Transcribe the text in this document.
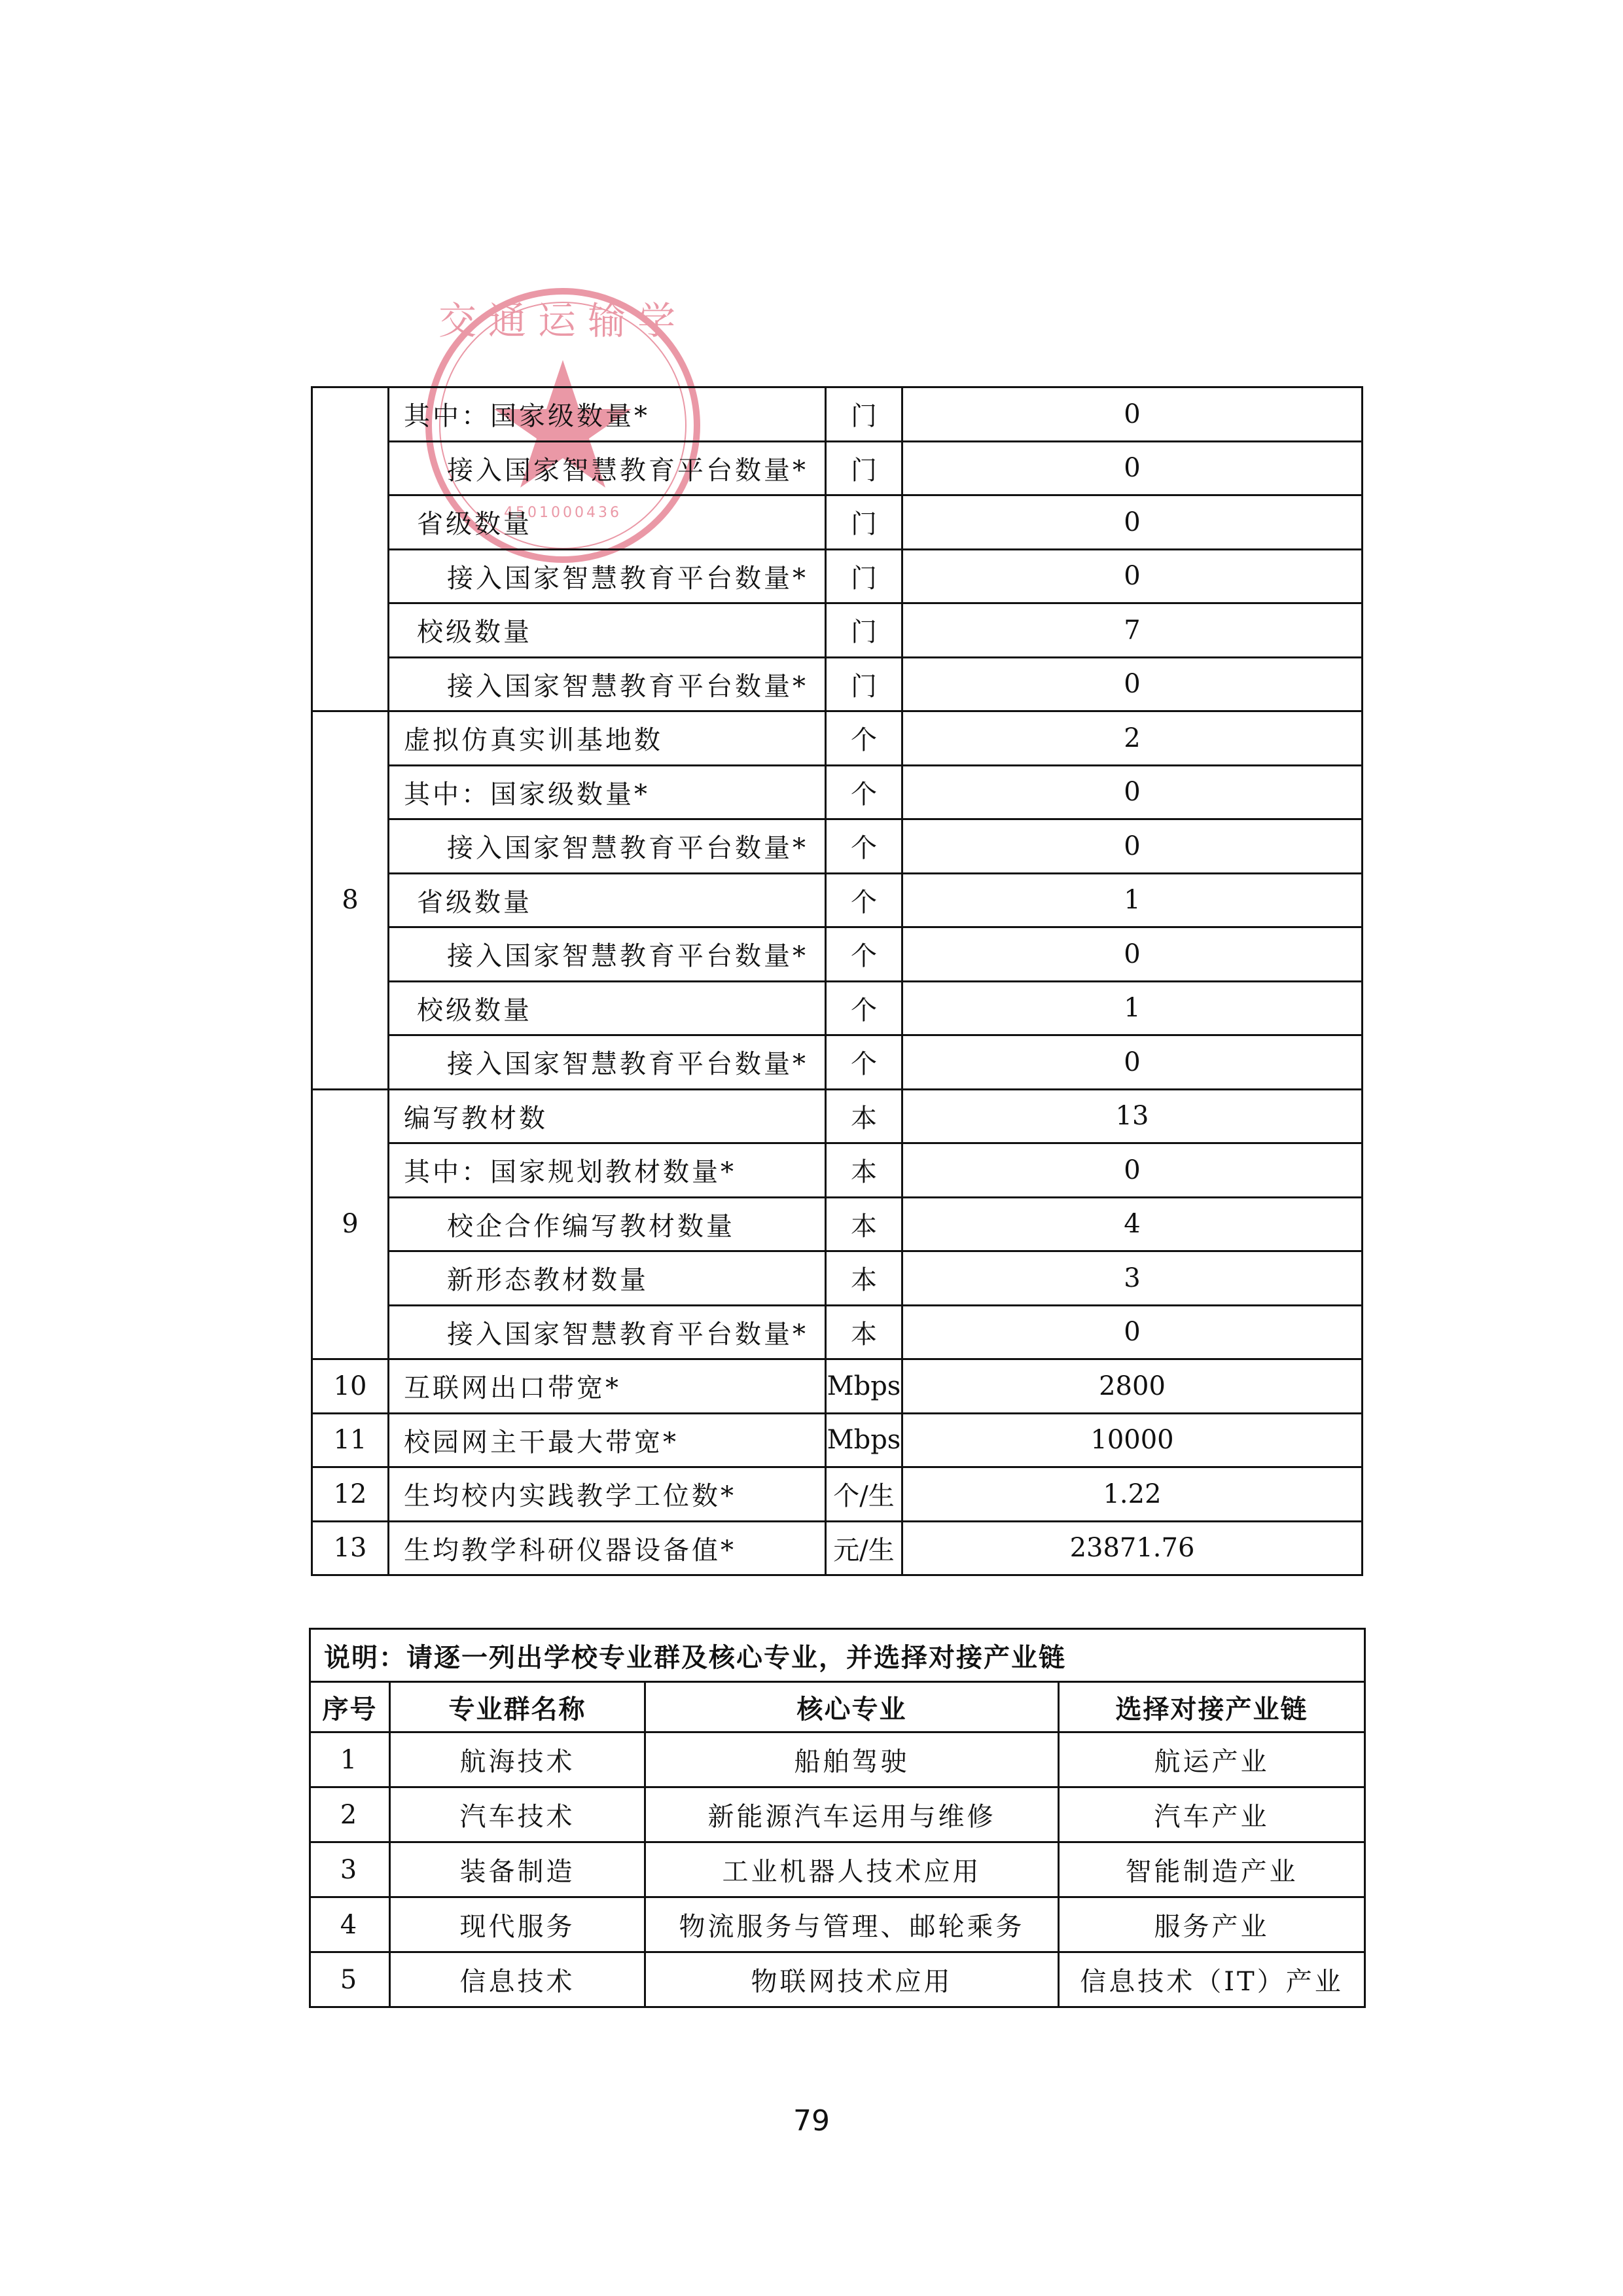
交通运输学
4501000436
	其中：国家级数量*	门	0
	接入国家智慧教育平台数量*	门	0
	省级数量	门	0
	接入国家智慧教育平台数量*	门	0
	校级数量	门	7
	接入国家智慧教育平台数量*	门	0
8	虚拟仿真实训基地数	个	2
	其中：国家级数量*	个	0
	接入国家智慧教育平台数量*	个	0
	省级数量	个	1
	接入国家智慧教育平台数量*	个	0
	校级数量	个	1
	接入国家智慧教育平台数量*	个	0
9	编写教材数	本	13
	其中：国家规划教材数量*	本	0
	校企合作编写教材数量	本	4
	新形态教材数量	本	3
	接入国家智慧教育平台数量*	本	0
10	互联网出口带宽*	Mbps	2800
11	校园网主干最大带宽*	Mbps	10000
12	生均校内实践教学工位数*	个/生	1.22
13	生均教学科研仪器设备值*	元/生	23871.76
说明：请逐一列出学校专业群及核心专业，并选择对接产业链			
序号	专业群名称	核心专业	选择对接产业链
1	航海技术	船舶驾驶	航运产业
2	汽车技术	新能源汽车运用与维修	汽车产业
3	装备制造	工业机器人技术应用	智能制造产业
4	现代服务	物流服务与管理、邮轮乘务	服务产业
5	信息技术	物联网技术应用	信息技术（IT）产业
79
